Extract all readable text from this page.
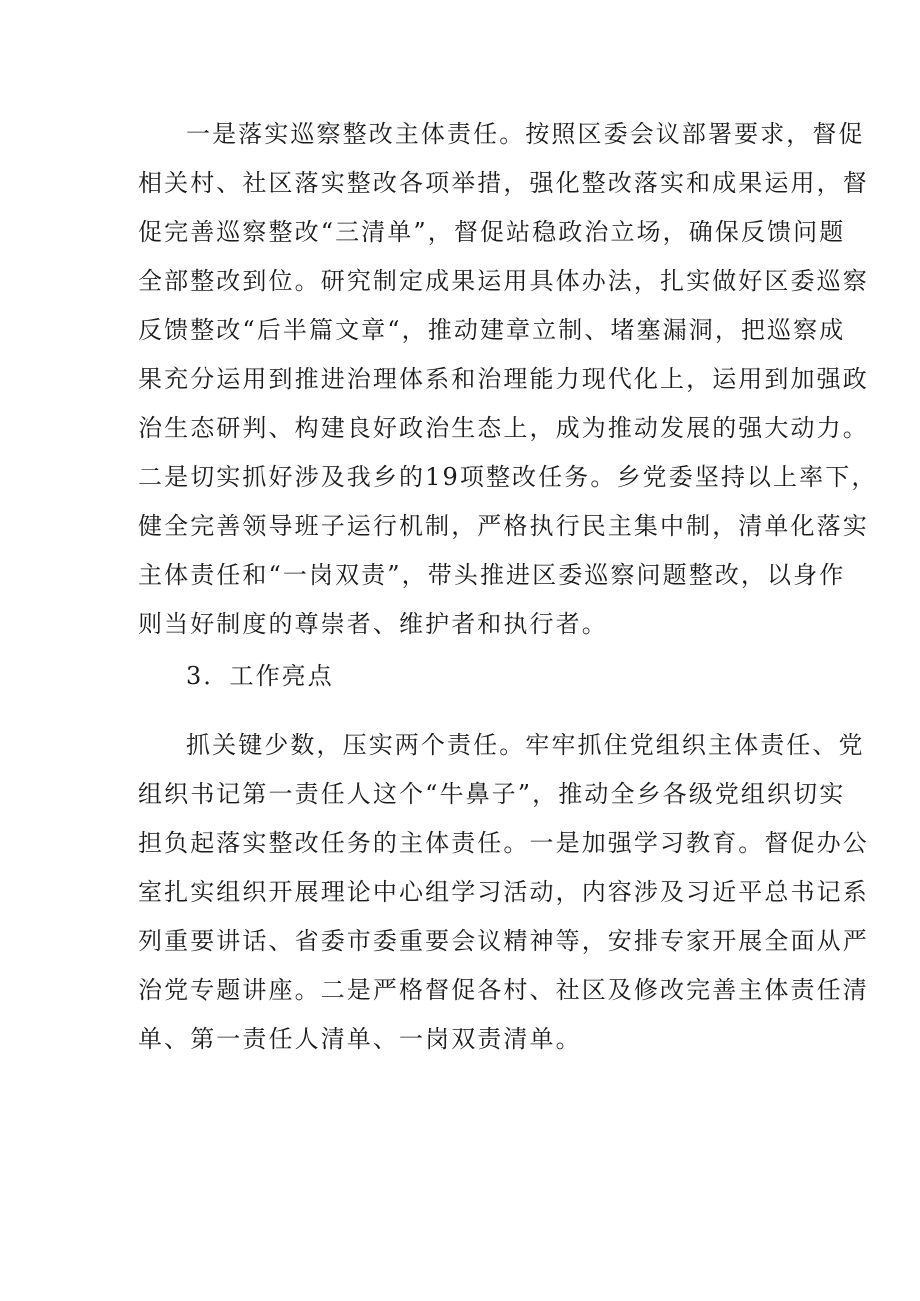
一是落实巡察整改主体责任。按照区委会议部署要求，督促
相关村、社区落实整改各项举措，强化整改落实和成果运用，督
促完善巡察整改“三清单”，督促站稳政治立场，确保反馈问题
全部整改到位。研究制定成果运用具体办法，扎实做好区委巡察
反馈整改“后半篇文章“，推动建章立制、堵塞漏洞，把巡察成
果充分运用到推进治理体系和治理能力现代化上，运用到加强政
治生态研判、构建良好政治生态上，成为推动发展的强大动力。
二是切实抓好涉及我乡的19项整改任务。乡党委坚持以上率下，
健全完善领导班子运行机制，严格执行民主集中制，清单化落实
主体责任和“一岗双责”，带头推进区委巡察问题整改，以身作
则当好制度的尊崇者、维护者和执行者。
3．工作亮点
抓关键少数，压实两个责任。牢牢抓住党组织主体责任、党
组织书记第一责任人这个“牛鼻子”，推动全乡各级党组织切实
担负起落实整改任务的主体责任。一是加强学习教育。督促办公
室扎实组织开展理论中心组学习活动，内容涉及习近平总书记系
列重要讲话、省委市委重要会议精神等，安排专家开展全面从严
治党专题讲座。二是严格督促各村、社区及修改完善主体责任清
单、第一责任人清单、一岗双责清单。
